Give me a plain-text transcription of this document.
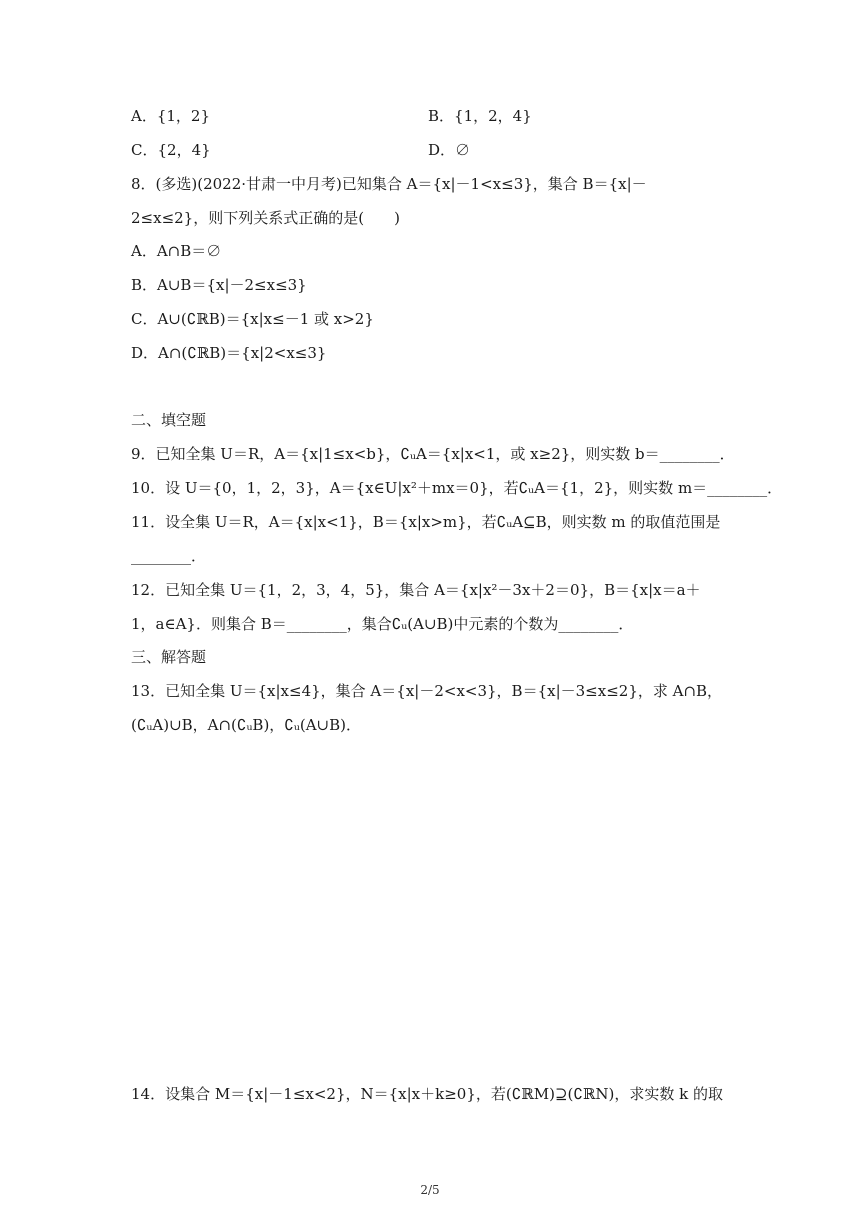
A．{1，2}	B．{1，2，4}
C．{2，4}	D．∅
8．(多选)(2022·甘肃一中月考)已知集合 A＝{x|－1<x≤3}，集合 B＝{x|－
2≤x≤2}，则下列关系式正确的是(　　)
A．A∩B＝∅
B．A∪B＝{x|－2≤x≤3}
C．A∪(∁ℝB)＝{x|x≤－1 或 x>2}
D．A∩(∁ℝB)＝{x|2<x≤3}
二、填空题
9．已知全集 U＝R，A＝{x|1≤x<b}，∁ᵤA＝{x|x<1，或 x≥2}，则实数 b＝________．
10．设 U＝{0，1，2，3}，A＝{x∈U|x²＋mx＝0}，若∁ᵤA＝{1，2}，则实数 m＝________．
11．设全集 U＝R，A＝{x|x<1}，B＝{x|x>m}，若∁ᵤA⊆B，则实数 m 的取值范围是
________．
12．已知全集 U＝{1，2，3，4，5}，集合 A＝{x|x²－3x＋2＝0}，B＝{x|x＝a＋
1，a∈A}．则集合 B＝________，集合∁ᵤ(A∪B)中元素的个数为________．
三、解答题
13．已知全集 U＝{x|x≤4}，集合 A＝{x|－2<x<3}，B＝{x|－3≤x≤2}，求 A∩B，
(∁ᵤA)∪B，A∩(∁ᵤB)，∁ᵤ(A∪B)．
14．设集合 M＝{x|－1≤x<2}，N＝{x|x＋k≥0}，若(∁ℝM)⊇(∁ℝN)，求实数 k 的取
2/5
